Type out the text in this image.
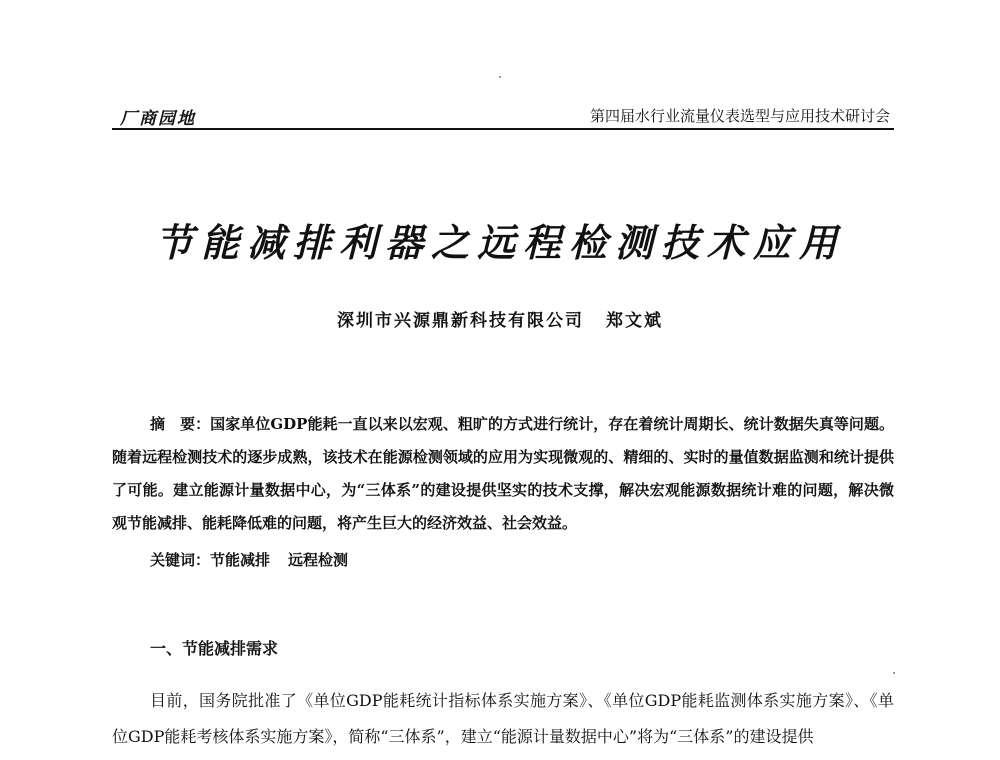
厂商园地	第四届水行业流量仪表选型与应用技术研讨会
节能减排利器之远程检测技术应用
深圳市兴源鼎新科技有限公司 郑文斌
摘　要：国家单位GDP能耗一直以来以宏观、粗旷的方式进行统计，存在着统计周期长、统计数据失真等问题。随着远程检测技术的逐步成熟，该技术在能源检测领域的应用为实现微观的、精细的、实时的量值数据监测和统计提供了可能。建立能源计量数据中心，为“三体系”的建设提供坚实的技术支撑，解决宏观能源数据统计难的问题，解决微观节能减排、能耗降低难的问题，将产生巨大的经济效益、社会效益。
关键词：节能减排 远程检测
一、节能减排需求
目前，国务院批准了《单位GDP能耗统计指标体系实施方案》、《单位GDP能耗监测体系实施方案》、《单位GDP能耗考核体系实施方案》，简称“三体系”，建立“能源计量数据中心”将为“三体系”的建设提供
